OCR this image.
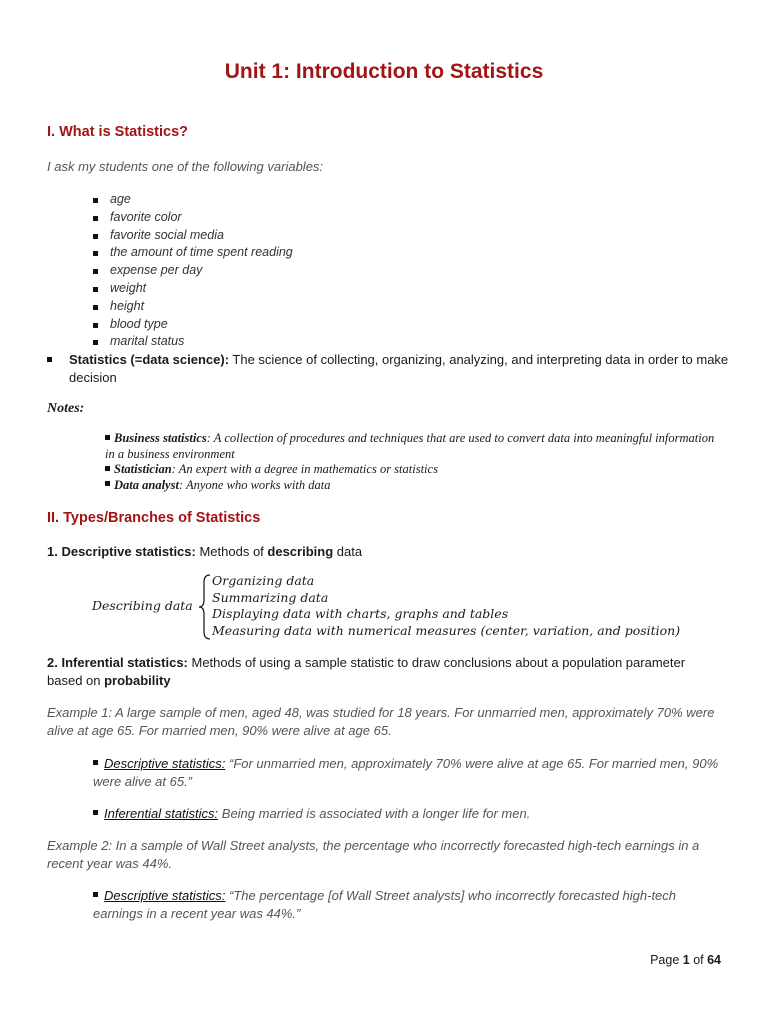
Unit 1: Introduction to Statistics
I. What is Statistics?
I ask my students one of the following variables:
age
favorite color
favorite social media
the amount of time spent reading
expense per day
weight
height
blood type
marital status
Statistics (=data science): The science of collecting, organizing, analyzing, and interpreting data in order to make decision
Notes:
Business statistics: A collection of procedures and techniques that are used to convert data into meaningful information in a business environment
Statistician: An expert with a degree in mathematics or statistics
Data analyst: Anyone who works with data
II. Types/Branches of Statistics
1. Descriptive statistics: Methods of describing data
Describing data
Organizing data
Summarizing data
Displaying data with charts, graphs and tables
Measuring data with numerical measures (center, variation, and position)
2. Inferential statistics: Methods of using a sample statistic to draw conclusions about a population parameter based on probability
Example 1: A large sample of men, aged 48, was studied for 18 years. For unmarried men, approximately 70% were alive at age 65. For married men, 90% were alive at age 65.
Descriptive statistics: “For unmarried men, approximately 70% were alive at age 65. For married men, 90% were alive at 65.”
Inferential statistics: Being married is associated with a longer life for men.
Example 2: In a sample of Wall Street analysts, the percentage who incorrectly forecasted high-tech earnings in a recent year was 44%.
Descriptive statistics: “The percentage [of Wall Street analysts] who incorrectly forecasted high-tech earnings in a recent year was 44%.”
Page 1 of 64
